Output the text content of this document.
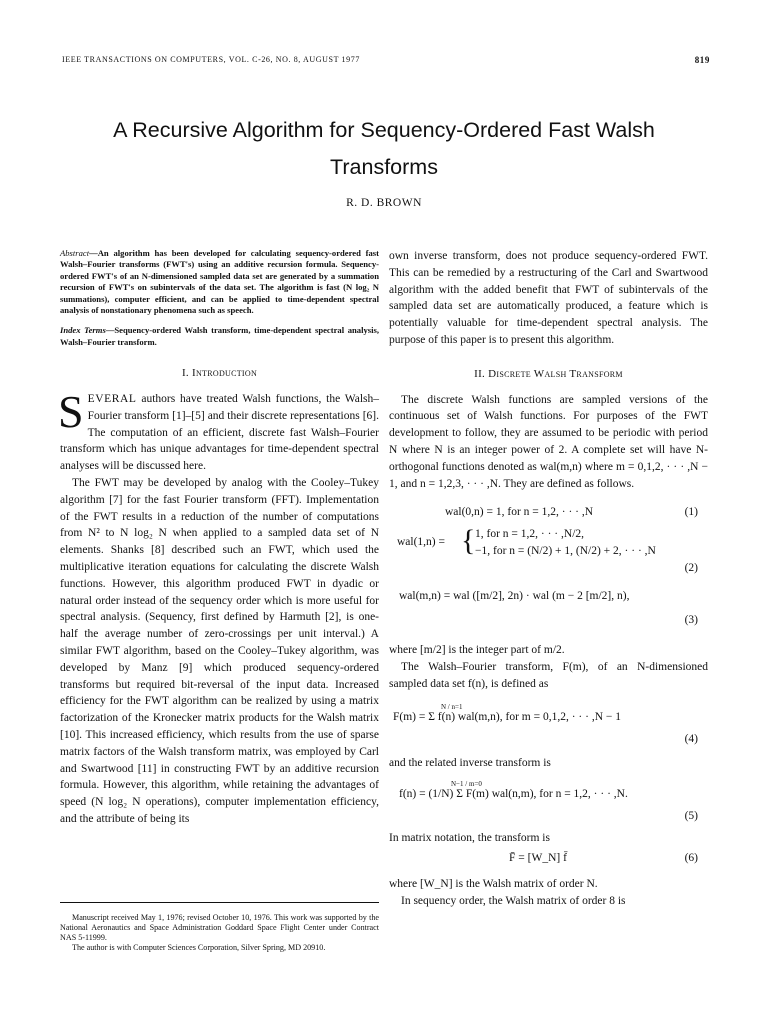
IEEE TRANSACTIONS ON COMPUTERS, VOL. C-26, NO. 8, AUGUST 1977	819
A Recursive Algorithm for Sequency-Ordered Fast Walsh
Transforms
R. D. BROWN

Abstract—An algorithm has been developed for calculating sequency-ordered fast Walsh–Fourier transforms (FWT's) using an additive recursion formula. Sequency-ordered FWT's of an N-dimensioned sampled data set are generated by a summation recursion of FWT's on subintervals of the data set. The algorithm is fast (N log₂ N summations), computer efficient, and can be applied to time-dependent spectral analysis of nonstationary phenomena such as speech.

Index Terms—Sequency-ordered Walsh transform, time-dependent spectral analysis, Walsh–Fourier transform.

I. Introduction

SEVERAL authors have treated Walsh functions, the Walsh–Fourier transform [1]–[5] and their discrete representations [6]. The computation of an efficient, discrete fast Walsh–Fourier transform which has unique advantages for time-dependent spectral analyses will be discussed here.

The FWT may be developed by analog with the Cooley–Tukey algorithm [7] for the fast Fourier transform (FFT). Implementation of the FWT results in a reduction of the number of computations from N² to N log₂ N when applied to a sampled data set of N elements. Shanks [8] described such an FWT, which used the multiplicative iteration equations for calculating the discrete Walsh functions. However, this algorithm produced FWT in dyadic or natural order instead of the sequency order which is more useful for spectral analysis. (Sequency, first defined by Harmuth [2], is one-half the average number of zero-crossings per unit interval.) A similar FWT algorithm, based on the Cooley–Tukey algorithm, was developed by Manz [9] which produced sequency-ordered transforms but required bit-reversal of the input data. Increased efficiency for the FWT algorithm can be realized by using a matrix factorization of the Kronecker matrix products for the Walsh matrix [10]. This increased efficiency, which results from the use of sparse matrix factors of the Walsh transform matrix, was employed by Carl and Swartwood [11] in constructing FWT by an additive recursion formula. However, this algorithm, while retaining the advantages of speed (N log₂ N operations), computer implementation efficiency, and the attribute of being its

Manuscript received May 1, 1976; revised October 10, 1976. This work was supported by the National Aeronautics and Space Administration Goddard Space Flight Center under Contract NAS 5-11999.

The author is with Computer Sciences Corporation, Silver Spring, MD 20910.

own inverse transform, does not produce sequency-ordered FWT. This can be remedied by a restructuring of the Carl and Swartwood algorithm with the added benefit that FWT of subintervals of the sampled data set are automatically produced, a feature which is potentially valuable for time-dependent spectral analysis. The purpose of this paper is to present this algorithm.

II. Discrete Walsh Transform

The discrete Walsh functions are sampled versions of the continuous set of Walsh functions. For purposes of the FWT development to follow, they are assumed to be periodic with period N where N is an integer power of 2. A complete set will have N-orthogonal functions denoted as wal(m,n) where m = 0,1,2, · · · ,N − 1, and n = 1,2,3, · · · ,N. They are defined as follows.

wal(0,n) = 1, for n = 1,2, · · · ,N	(1)
wal(1,n) = { 1, for n = 1,2, · · · ,N/2,
−1, for n = (N/2) + 1, (N/2) + 2, · · · ,N
(2)
wal(m,n) = wal ([m/2], 2n) · wal (m − 2 [m/2], n),
(3)

where [m/2] is the integer part of m/2.

The Walsh–Fourier transform, F(m), of an N-dimensioned sampled data set f(n), is defined as

N / n=1
F(m) = Σ f(n) wal(m,n), for m = 0,1,2, · · · ,N − 1
(4)

and the related inverse transform is

N−1 / m=0
f(n) = (1/N) Σ F(m) wal(n,m), for n = 1,2, · · · ,N.
(5)

In matrix notation, the transform is

F̄ = [W_N] f̄	(6)

where [W_N] is the Walsh matrix of order N.

In sequency order, the Walsh matrix of order 8 is
